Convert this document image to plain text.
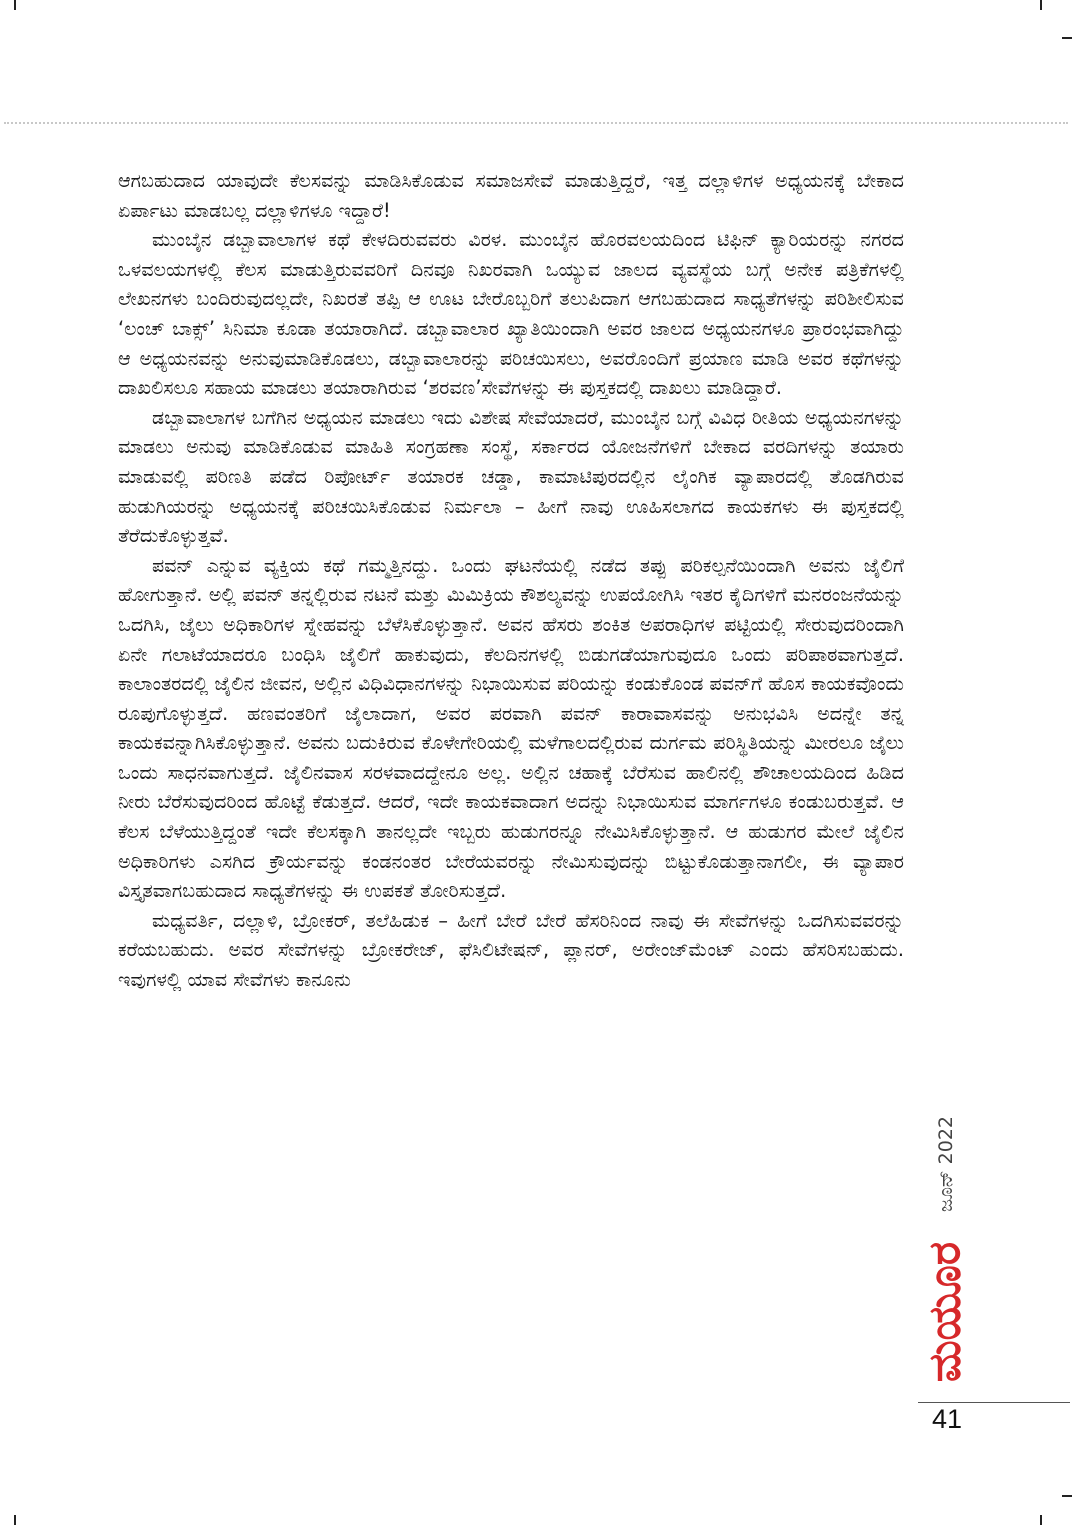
ಆಗಬಹುದಾದ ಯಾವುದೇ ಕೆಲಸವನ್ನು ಮಾಡಿಸಿಕೊಡುವ ಸಮಾಜಸೇವೆ ಮಾಡುತ್ತಿದ್ದರೆ, ಇತ್ತ ದಲ್ಲಾಳಿಗಳ ಅಧ್ಯಯನಕ್ಕೆ ಬೇಕಾದ ಏರ್ಪಾಟು ಮಾಡಬಲ್ಲ ದಲ್ಲಾಳಿಗಳೂ ಇದ್ದಾರೆ!

ಮುಂಬೈನ ಡಬ್ಬಾವಾಲಾಗಳ ಕಥೆ ಕೇಳದಿರುವವರು ವಿರಳ. ಮುಂಬೈನ ಹೊರವಲಯದಿಂದ ಟಿಫಿನ್ ಕ್ಯಾರಿಯರನ್ನು ನಗರದ ಒಳವಲಯಗಳಲ್ಲಿ ಕೆಲಸ ಮಾಡುತ್ತಿರುವವರಿಗೆ ದಿನವೂ ನಿಖರವಾಗಿ ಒಯ್ಯುವ ಜಾಲದ ವ್ಯವಸ್ಥೆಯ ಬಗ್ಗೆ ಅನೇಕ ಪತ್ರಿಕೆಗಳಲ್ಲಿ ಲೇಖನಗಳು ಬಂದಿರುವುದಲ್ಲದೇ, ನಿಖರತೆ ತಪ್ಪಿ ಆ ಊಟ ಬೇರೊಬ್ಬರಿಗೆ ತಲುಪಿದಾಗ ಆಗಬಹುದಾದ ಸಾಧ್ಯತೆಗಳನ್ನು ಪರಿಶೀಲಿಸುವ ‘ಲಂಚ್ ಬಾಕ್ಸ್’ ಸಿನಿಮಾ ಕೂಡಾ ತಯಾರಾಗಿದೆ. ಡಬ್ಬಾವಾಲಾರ ಖ್ಯಾತಿಯಿಂದಾಗಿ ಅವರ ಜಾಲದ ಅಧ್ಯಯನಗಳೂ ಪ್ರಾರಂಭವಾಗಿದ್ದು ಆ ಅಧ್ಯಯನವನ್ನು ಅನುವುಮಾಡಿಕೊಡಲು, ಡಬ್ಬಾವಾಲಾರನ್ನು ಪರಿಚಯಿಸಲು, ಅವರೊಂದಿಗೆ ಪ್ರಯಾಣ ಮಾಡಿ ಅವರ ಕಥೆಗಳನ್ನು ದಾಖಲಿಸಲೂ ಸಹಾಯ ಮಾಡಲು ತಯಾರಾಗಿರುವ ‘ಶರವಣ’ಸೇವೆಗಳನ್ನು ಈ ಪುಸ್ತಕದಲ್ಲಿ ದಾಖಲು ಮಾಡಿದ್ದಾರೆ.

ಡಬ್ಬಾವಾಲಾಗಳ ಬಗೆಗಿನ ಅಧ್ಯಯನ ಮಾಡಲು ಇದು ವಿಶೇಷ ಸೇವೆಯಾದರೆ, ಮುಂಬೈನ ಬಗ್ಗೆ ವಿವಿಧ ರೀತಿಯ ಅಧ್ಯಯನಗಳನ್ನು ಮಾಡಲು ಅನುವು ಮಾಡಿಕೊಡುವ ಮಾಹಿತಿ ಸಂಗ್ರಹಣಾ ಸಂಸ್ಥೆ, ಸರ್ಕಾರದ ಯೋಜನೆಗಳಿಗೆ ಬೇಕಾದ ವರದಿಗಳನ್ನು ತಯಾರು ಮಾಡುವಲ್ಲಿ ಪರಿಣತಿ ಪಡೆದ ರಿಪೋರ್ಟ್ ತಯಾರಕ ಚಡ್ಡಾ, ಕಾಮಾಟಿಪುರದಲ್ಲಿನ ಲೈಂಗಿಕ ವ್ಯಾಪಾರದಲ್ಲಿ ತೊಡಗಿರುವ ಹುಡುಗಿಯರನ್ನು ಅಧ್ಯಯನಕ್ಕೆ ಪರಿಚಯಿಸಿಕೊಡುವ ನಿರ್ಮಲಾ – ಹೀಗೆ ನಾವು ಊಹಿಸಲಾಗದ ಕಾಯಕಗಳು ಈ ಪುಸ್ತಕದಲ್ಲಿ ತೆರೆದುಕೊಳ್ಳುತ್ತವೆ.

ಪವನ್ ಎನ್ನುವ ವ್ಯಕ್ತಿಯ ಕಥೆ ಗಮ್ಮತ್ತಿನದ್ದು. ಒಂದು ಘಟನೆಯಲ್ಲಿ ನಡೆದ ತಪ್ಪು ಪರಿಕಲ್ಪನೆಯಿಂದಾಗಿ ಅವನು ಜೈಲಿಗೆ ಹೋಗುತ್ತಾನೆ. ಅಲ್ಲಿ ಪವನ್ ತನ್ನಲ್ಲಿರುವ ನಟನೆ ಮತ್ತು ಮಿಮಿಕ್ರಿಯ ಕೌಶಲ್ಯವನ್ನು ಉಪಯೋಗಿಸಿ ಇತರ ಕೈದಿಗಳಿಗೆ ಮನರಂಜನೆಯನ್ನು ಒದಗಿಸಿ, ಜೈಲು ಅಧಿಕಾರಿಗಳ ಸ್ನೇಹವನ್ನು ಬೆಳೆಸಿಕೊಳ್ಳುತ್ತಾನೆ. ಅವನ ಹೆಸರು ಶಂಕಿತ ಅಪರಾಧಿಗಳ ಪಟ್ಟಿಯಲ್ಲಿ ಸೇರುವುದರಿಂದಾಗಿ ಏನೇ ಗಲಾಟೆಯಾದರೂ ಬಂಧಿಸಿ ಜೈಲಿಗೆ ಹಾಕುವುದು, ಕೆಲದಿನಗಳಲ್ಲಿ ಬಿಡುಗಡೆಯಾಗುವುದೂ ಒಂದು ಪರಿಪಾಠವಾಗುತ್ತದೆ. ಕಾಲಾಂತರದಲ್ಲಿ ಜೈಲಿನ ಜೀವನ, ಅಲ್ಲಿನ ವಿಧಿವಿಧಾನಗಳನ್ನು ನಿಭಾಯಿಸುವ ಪರಿಯನ್ನು ಕಂಡುಕೊಂಡ ಪವನ್‌ಗೆ ಹೊಸ ಕಾಯಕವೊಂದು ರೂಪುಗೊಳ್ಳುತ್ತದೆ. ಹಣವಂತರಿಗೆ ಜೈಲಾದಾಗ, ಅವರ ಪರವಾಗಿ ಪವನ್ ಕಾರಾವಾಸವನ್ನು ಅನುಭವಿಸಿ ಅದನ್ನೇ ತನ್ನ ಕಾಯಕವನ್ನಾಗಿಸಿಕೊಳ್ಳುತ್ತಾನೆ. ಅವನು ಬದುಕಿರುವ ಕೊಳೇಗೇರಿಯಲ್ಲಿ ಮಳೆಗಾಲದಲ್ಲಿರುವ ದುರ್ಗಮ ಪರಿಸ್ಥಿತಿಯನ್ನು ಮೀರಲೂ ಜೈಲು ಒಂದು ಸಾಧನವಾಗುತ್ತದೆ. ಜೈಲಿನವಾಸ ಸರಳವಾದದ್ದೇನೂ ಅಲ್ಲ. ಅಲ್ಲಿನ ಚಹಾಕ್ಕೆ ಬೆರೆಸುವ ಹಾಲಿನಲ್ಲಿ ಶೌಚಾಲಯದಿಂದ ಹಿಡಿದ ನೀರು ಬೆರೆಸುವುದರಿಂದ ಹೊಟ್ಟೆ ಕೆಡುತ್ತದೆ. ಆದರೆ, ಇದೇ ಕಾಯಕವಾದಾಗ ಅದನ್ನು ನಿಭಾಯಿಸುವ ಮಾರ್ಗಗಳೂ ಕಂಡುಬರುತ್ತವೆ. ಆ ಕೆಲಸ ಬೆಳೆಯುತ್ತಿದ್ದಂತೆ ಇದೇ ಕೆಲಸಕ್ಕಾಗಿ ತಾನಲ್ಲದೇ ಇಬ್ಬರು ಹುಡುಗರನ್ನೂ ನೇಮಿಸಿಕೊಳ್ಳುತ್ತಾನೆ. ಆ ಹುಡುಗರ ಮೇಲೆ ಜೈಲಿನ ಅಧಿಕಾರಿಗಳು ಎಸಗಿದ ಕ್ರೌರ್ಯವನ್ನು ಕಂಡನಂತರ ಬೇರೆಯವರನ್ನು ನೇಮಿಸುವುದನ್ನು ಬಿಟ್ಟುಕೊಡುತ್ತಾನಾಗಲೀ, ಈ ವ್ಯಾಪಾರ ವಿಸ್ತೃತವಾಗಬಹುದಾದ ಸಾಧ್ಯತೆಗಳನ್ನು ಈ ಉಪಕತೆ ತೋರಿಸುತ್ತದೆ.

ಮಧ್ಯವರ್ತಿ, ದಲ್ಲಾಳಿ, ಬ್ರೋಕರ್, ತಲೆಹಿಡುಕ – ಹೀಗೆ ಬೇರೆ ಬೇರೆ ಹೆಸರಿನಿಂದ ನಾವು ಈ ಸೇವೆಗಳನ್ನು ಒದಗಿಸುವವರನ್ನು ಕರೆಯಬಹುದು. ಅವರ ಸೇವೆಗಳನ್ನು ಬ್ರೋಕರೇಜ್, ಫೆಸಿಲಿಟೇಷನ್, ಪ್ಲಾನರ್, ಅರೇಂಜ್‌ಮೆಂಟ್ ಎಂದು ಹೆಸರಿಸಬಹುದು. ಇವುಗಳಲ್ಲಿ ಯಾವ ಸೇವೆಗಳು ಕಾನೂನು

ಜೂನ್ 2022
ಮಯೂರ
41
